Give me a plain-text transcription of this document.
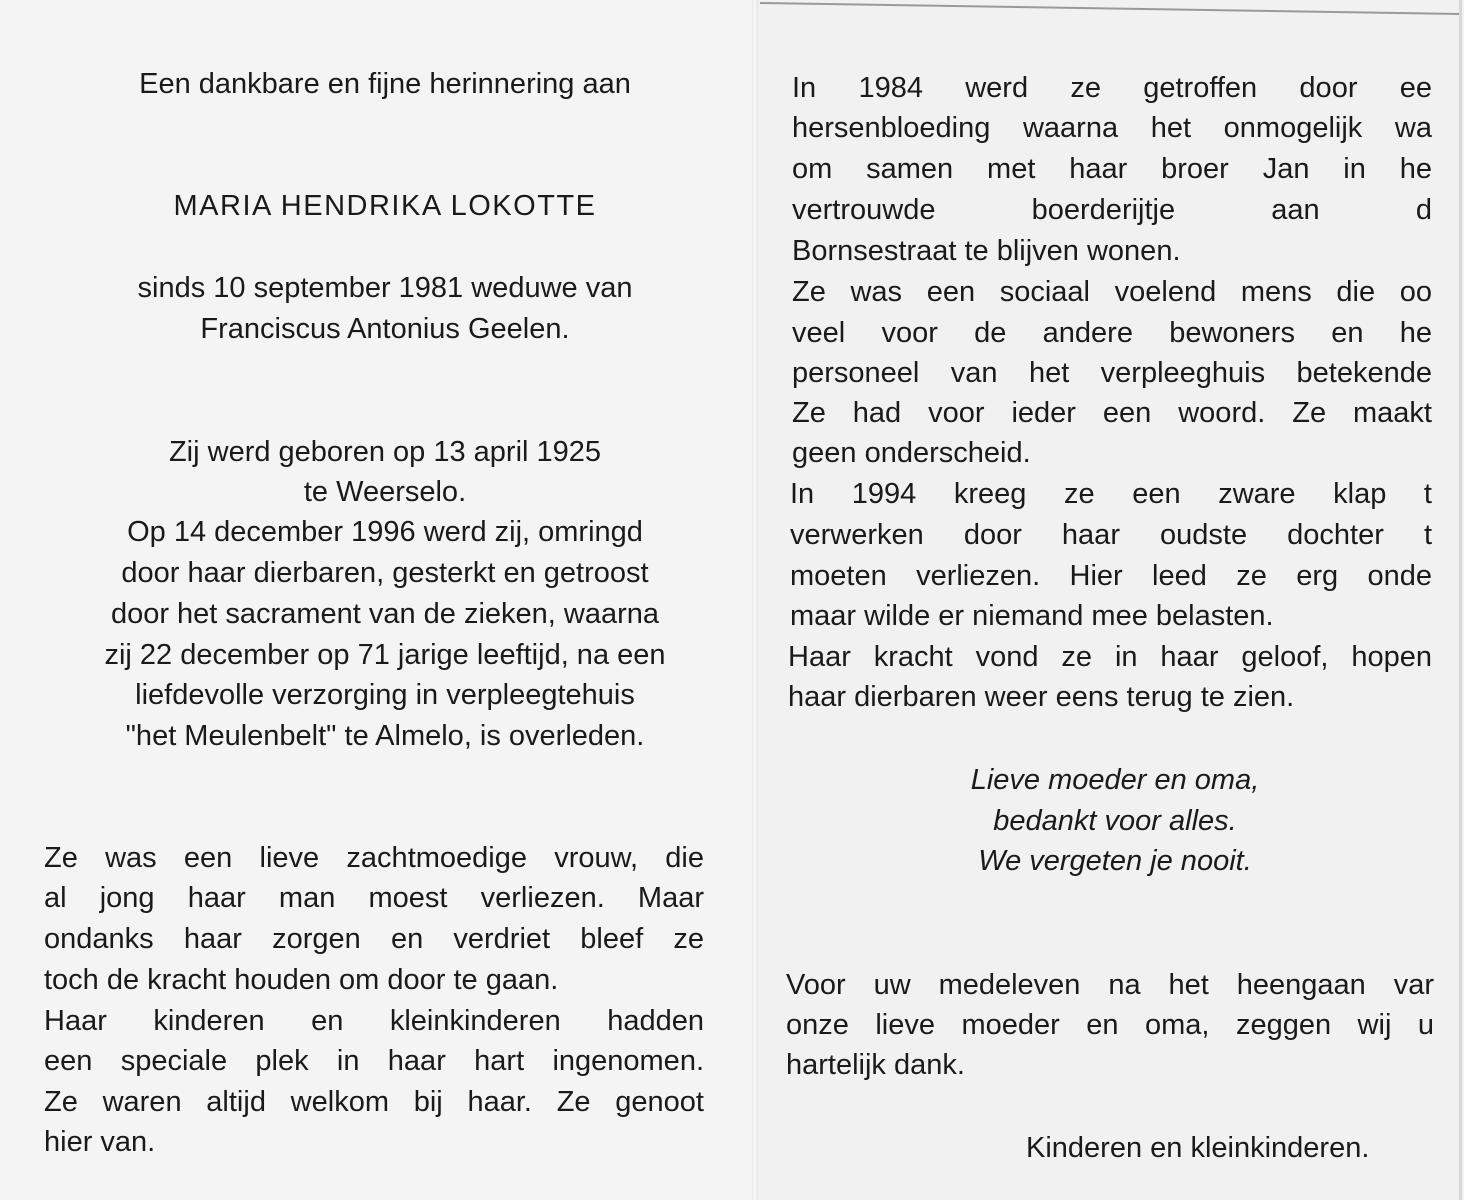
Een dankbare en fijne herinnering aan

MARIA HENDRIKA LOKOTTE

sinds 10 september 1981 weduwe van

Franciscus Antonius Geelen.

Zij werd geboren op 13 april 1925

te Weerselo.

Op 14 december 1996 werd zij, omringd

door haar dierbaren, gesterkt en getroost

door het sacrament van de zieken, waarna

zij 22 december op 71 jarige leeftijd, na een

liefdevolle verzorging in verpleegtehuis

"het Meulenbelt" te Almelo, is overleden.

Ze was een lieve zachtmoedige vrouw, die

al jong haar man moest verliezen. Maar

ondanks haar zorgen en verdriet bleef ze

toch de kracht houden om door te gaan.

Haar kinderen en kleinkinderen hadden

een speciale plek in haar hart ingenomen.

Ze waren altijd welkom bij haar. Ze genoot

hier van.

In 1984 werd ze getroffen door ee

hersenbloeding waarna het onmogelijk wa

om samen met haar broer Jan in he

vertrouwde boerderijtje aan d

Bornsestraat te blijven wonen.

Ze was een sociaal voelend mens die oo

veel voor de andere bewoners en he

personeel van het verpleeghuis betekende

Ze had voor ieder een woord. Ze maakt

geen onderscheid.

In 1994 kreeg ze een zware klap t

verwerken door haar oudste dochter t

moeten verliezen. Hier leed ze erg onde

maar wilde er niemand mee belasten.

Haar kracht vond ze in haar geloof, hopen

haar dierbaren weer eens terug te zien.

Lieve moeder en oma,

bedankt voor alles.

We vergeten je nooit.

Voor uw medeleven na het heengaan var

onze lieve moeder en oma, zeggen wij u

hartelijk dank.

Kinderen en kleinkinderen.
